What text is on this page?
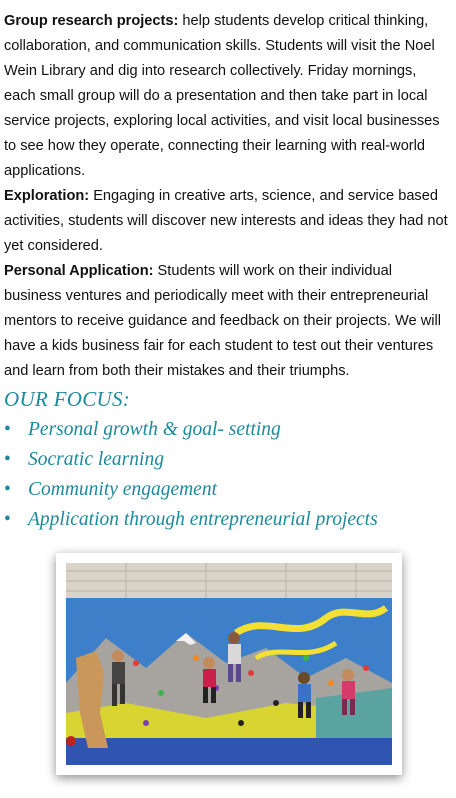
Group research projects: help students develop critical thinking, collaboration, and communication skills. Students will visit the Noel Wein Library and dig into research collectively. Friday mornings, each small group will do a presentation and then take part in local service projects, exploring local activities, and visit local businesses to see how they operate, connecting their learning with real-world applications.

Exploration: Engaging in creative arts, science, and service based activities, students will discover new interests and ideas they had not yet considered.

Personal Application: Students will work on their individual business ventures and periodically meet with their entrepreneurial mentors to receive guidance and feedback on their projects. We will have a kids business fair for each student to test out their ventures and learn from both their mistakes and their triumphs.

OUR FOCUS:
• Personal growth & goal- setting
• Socratic learning
• Community engagement
• Application through entrepreneurial projects
